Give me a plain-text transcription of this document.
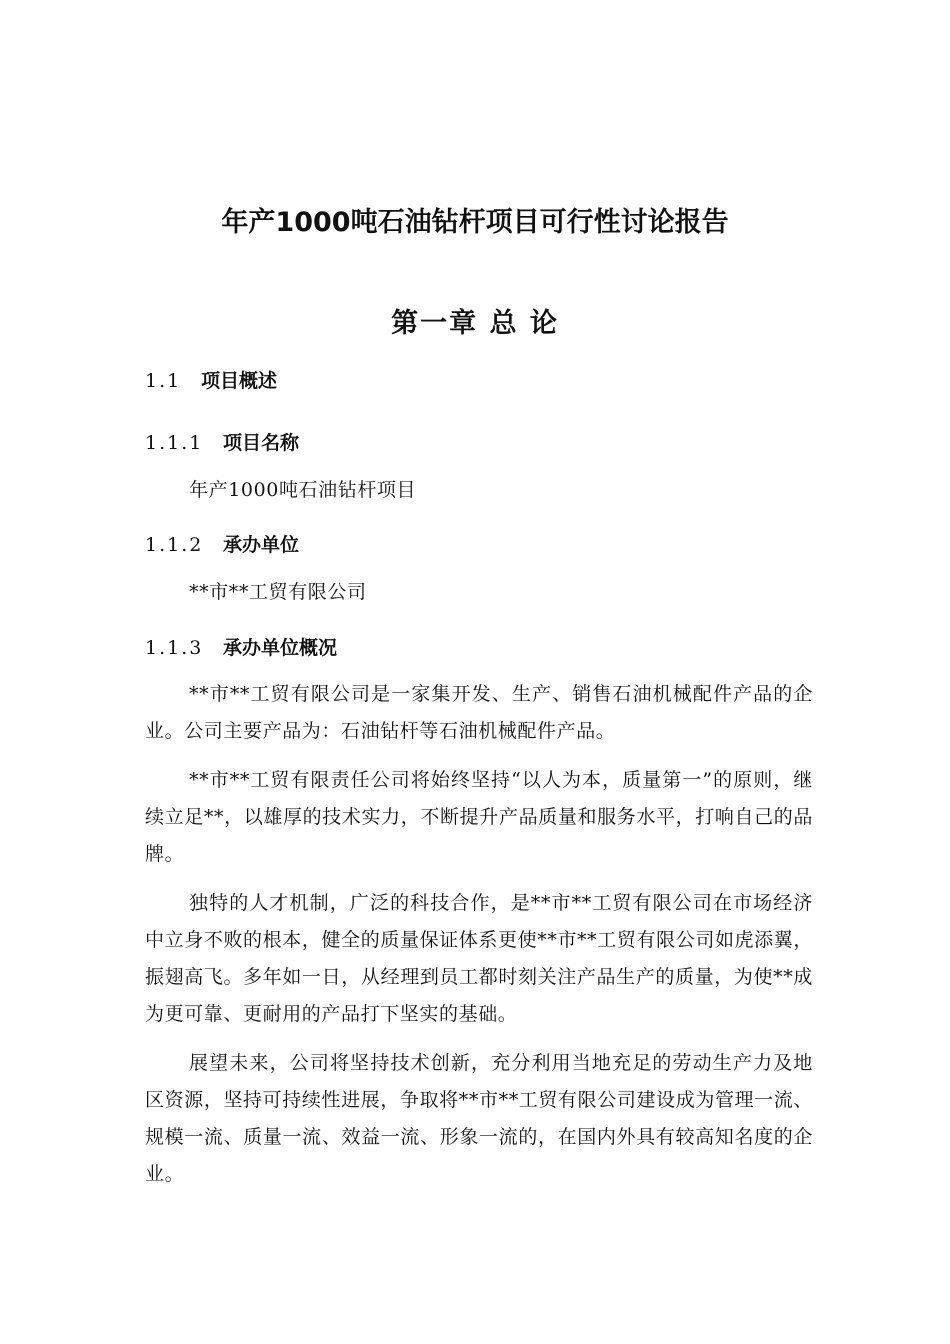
年产1000吨石油钻杆项目可行性讨论报告
第一章 总 论
1.1 项目概述
1.1.1 项目名称

年产1000吨石油钻杆项目

1.1.2 承办单位

**市**工贸有限公司

1.1.3 承办单位概况

**市**工贸有限公司是一家集开发、生产、销售石油机械配件产品的企业。公司主要产品为：石油钻杆等石油机械配件产品。

**市**工贸有限责任公司将始终坚持“以人为本，质量第一”的原则，继续立足**，以雄厚的技术实力，不断提升产品质量和服务水平，打响自己的品牌。

独特的人才机制，广泛的科技合作，是**市**工贸有限公司在市场经济中立身不败的根本，健全的质量保证体系更使**市**工贸有限公司如虎添翼，振翅高飞。多年如一日，从经理到员工都时刻关注产品生产的质量，为使**成为更可靠、更耐用的产品打下坚实的基础。

展望未来，公司将坚持技术创新，充分利用当地充足的劳动生产力及地区资源，坚持可持续性进展，争取将**市**工贸有限公司建设成为管理一流、规模一流、质量一流、效益一流、形象一流的，在国内外具有较高知名度的企业。
